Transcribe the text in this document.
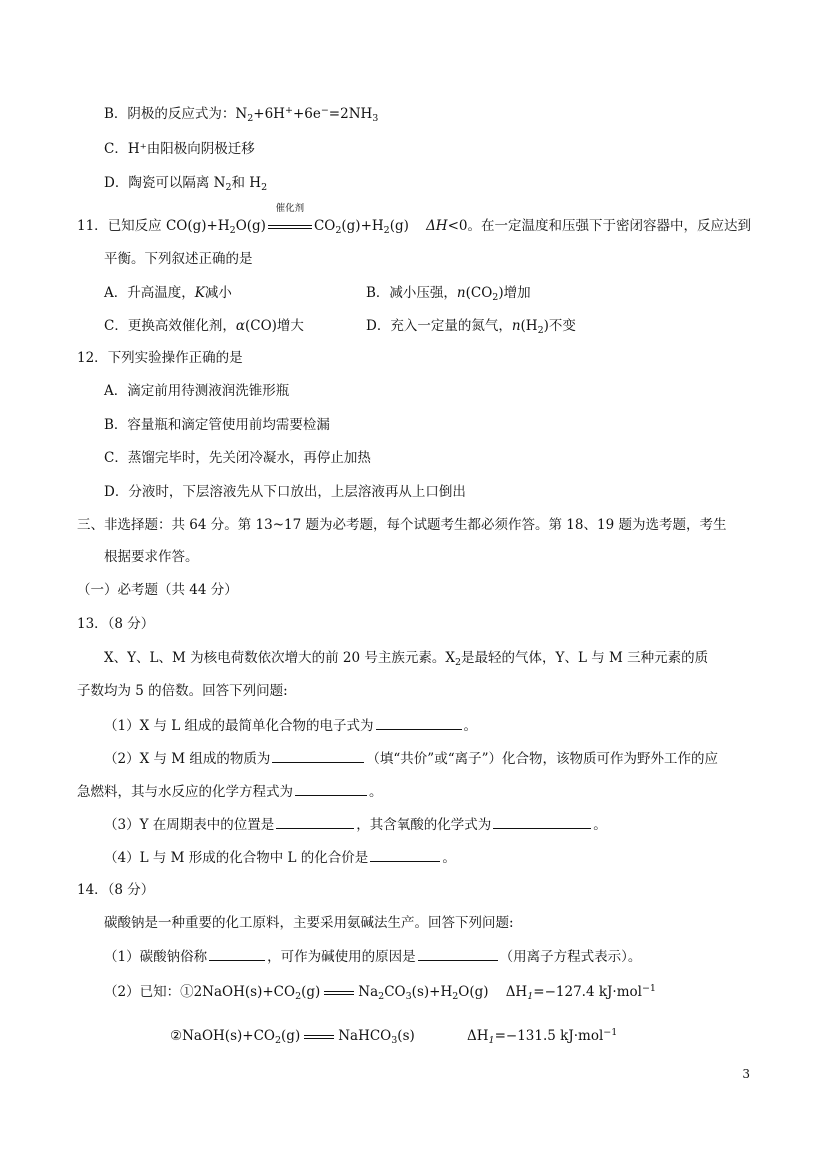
B．阴极的反应式为：$N_2+6H^++6e^-=2NH_3$
C．H⁺由阳极向阴极迁移
D．陶瓷可以隔离 $N_2$和 $H_2$
11．已知反应 $CO(g)+H_2O(g)$
催化剂
$CO_2(g)+H_2(g)$ ΔH<0。在一定温度和压强下于密闭容器中，反应达到
平衡。下列叙述正确的是
A．升高温度，K减小	B．减小压强，$n(CO_2)$增加
C．更换高效催化剂，α(CO)增大	D．充入一定量的氮气，$n(H_2)$不变
12．下列实验操作正确的是
A．滴定前用待测液润洗锥形瓶
B．容量瓶和滴定管使用前均需要检漏
C．蒸馏完毕时，先关闭冷凝水，再停止加热
D．分液时，下层溶液先从下口放出，上层溶液再从上口倒出
三、非选择题：共 64 分。第 13~17 题为必考题，每个试题考生都必须作答。第 18、19 题为选考题，考生
根据要求作答。
（一）必考题（共 44 分）
13．（8 分）
X、Y、L、M 为核电荷数依次增大的前 20 号主族元素。$X_2$是最轻的气体，Y、L 与 M 三种元素的质
子数均为 5 的倍数。回答下列问题:
（1）X 与 L 组成的最简单化合物的电子式为	。
（2）X 与 M 组成的物质为	（填“共价”或“离子”）化合物，该物质可作为野外工作的应
急燃料，其与水反应的化学方程式为	。
（3）Y 在周期表中的位置是	，其含氧酸的化学式为	。
（4）L 与 M 形成的化合物中 L 的化合价是	。
14．（8 分）
碳酸钠是一种重要的化工原料，主要采用氨碱法生产。回答下列问题:
（1）碳酸钠俗称	，可作为碱使用的原因是	（用离子方程式表示）。
（2）已知：$①2NaOH(s)+CO_2(g)$	$Na_2CO_3(s)+H_2O(g)$ $\Delta H_1=-127.4$ kJ·mol$^{-1}$
$②NaOH(s)+CO_2(g)$	NaHCO$_3$(s)	$\Delta H_1=-131.5$ kJ·mol$^{-1}$
3
